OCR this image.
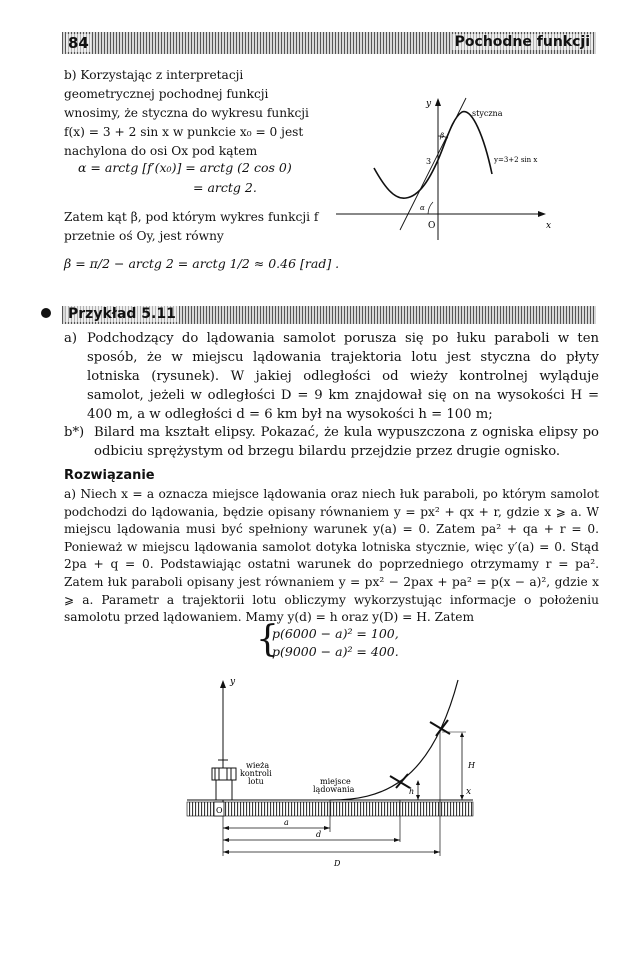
84	Pochodne funkcji
b) Korzystając z interpretacji geometrycznej pochodnej funkcji wnosimy, że styczna do wykresu funkcji f(x) = 3 + 2 sin x w punkcie x₀ = 0 jest nachylona do osi Ox pod kątem
α = arctg [f′(x₀)] = arctg (2 cos 0)
= arctg 2.
Zatem kąt β, pod którym wykres funkcji f przetnie oś Oy, jest równy
β = π/2 − arctg 2 = arctg 1/2 ≈ 0.46 [rad] .
y
x
O
3
styczna
y=3+2 sin x
β
α
Przykład 5.11
a) Podchodzący do lądowania samolot porusza się po łuku paraboli w ten sposób, że w miejscu lądowania trajektoria lotu jest styczna do płyty lotniska (rysunek). W jakiej odległości od wieży kontrolnej wyląduje samolot, jeżeli w odległości D = 9 km znajdował się on na wysokości H = 400 m, a w odległości d = 6 km był na wysokości h = 100 m;
b*) Bilard ma kształt elipsy. Pokazać, że kula wypuszczona z ogniska elipsy po odbiciu sprężystym od brzegu bilardu przejdzie przez drugie ognisko.
Rozwiązanie
a) Niech x = a oznacza miejsce lądowania oraz niech łuk paraboli, po którym samolot podchodzi do lądowania, będzie opisany równaniem y = px² + qx + r, gdzie x ⩾ a. W miejscu lądowania musi być spełniony warunek y(a) = 0. Zatem pa² + qa + r = 0. Ponieważ w miejscu lądowania samolot dotyka lotniska stycznie, więc y′(a) = 0. Stąd 2pa + q = 0. Podstawiając ostatni warunek do poprzedniego otrzymamy r = pa². Zatem łuk paraboli opisany jest równaniem y = px² − 2pax + pa² = p(x − a)², gdzie x ⩾ a. Parametr a trajektorii lotu obliczymy wykorzystując informacje o położeniu samolotu przed lądowaniem. Mamy y(d) = h oraz y(D) = H. Zatem
{
p(6000 − a)² = 100,
p(9000 − a)² = 400.
y
x
O
wieża
kontroli
lotu	miejsce
lądowania	h
H
a
d
D
